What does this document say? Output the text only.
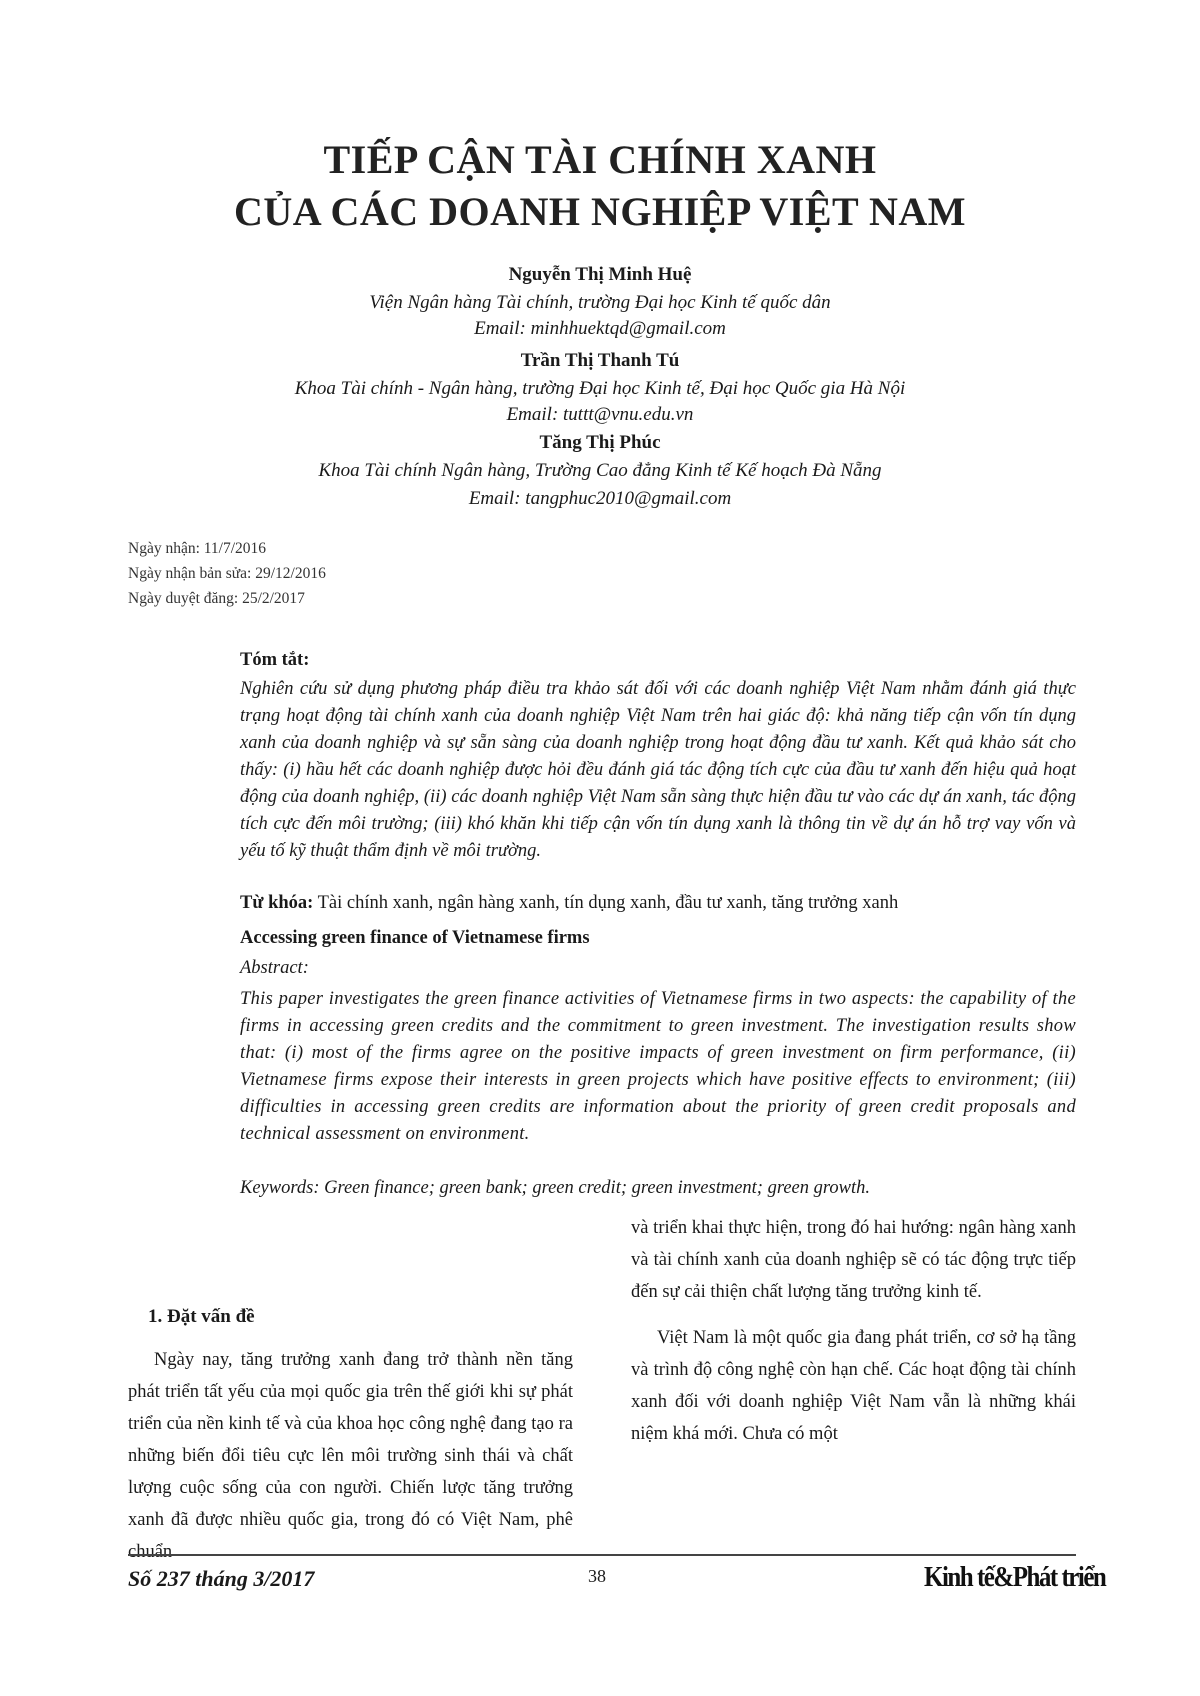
TIẾP CẬN TÀI CHÍNH XANH
CỦA CÁC DOANH NGHIỆP VIỆT NAM
Nguyễn Thị Minh Huệ
Viện Ngân hàng Tài chính, trường Đại học Kinh tế quốc dân
Email: minhhuektqd@gmail.com
Trần Thị Thanh Tú
Khoa Tài chính - Ngân hàng, trường Đại học Kinh tế, Đại học Quốc gia Hà Nội
Email: tuttt@vnu.edu.vn
Tăng Thị Phúc
Khoa Tài chính Ngân hàng, Trường Cao đẳng Kinh tế Kế hoạch Đà Nẵng
Email: tangphuc2010@gmail.com
Ngày nhận: 11/7/2016
Ngày nhận bản sửa: 29/12/2016
Ngày duyệt đăng: 25/2/2017
Tóm tắt:
Nghiên cứu sử dụng phương pháp điều tra khảo sát đối với các doanh nghiệp Việt Nam nhằm đánh giá thực trạng hoạt động tài chính xanh của doanh nghiệp Việt Nam trên hai giác độ: khả năng tiếp cận vốn tín dụng xanh của doanh nghiệp và sự sẵn sàng của doanh nghiệp trong hoạt động đầu tư xanh. Kết quả khảo sát cho thấy: (i) hầu hết các doanh nghiệp được hỏi đều đánh giá tác động tích cực của đầu tư xanh đến hiệu quả hoạt động của doanh nghiệp, (ii) các doanh nghiệp Việt Nam sẵn sàng thực hiện đầu tư vào các dự án xanh, tác động tích cực đến môi trường; (iii) khó khăn khi tiếp cận vốn tín dụng xanh là thông tin về dự án hỗ trợ vay vốn và yếu tố kỹ thuật thẩm định về môi trường.
Từ khóa: Tài chính xanh, ngân hàng xanh, tín dụng xanh, đầu tư xanh, tăng trưởng xanh
Accessing green finance of Vietnamese firms
Abstract:
This paper investigates the green finance activities of Vietnamese firms in two aspects: the capability of the firms in accessing green credits and the commitment to green investment. The investigation results show that: (i) most of the firms agree on the positive impacts of green investment on firm performance, (ii) Vietnamese firms expose their interests in green projects which have positive effects to environment; (iii) difficulties in accessing green credits are information about the priority of green credit proposals and technical assessment on environment.
Keywords: Green finance; green bank; green credit; green investment; green growth.
1. Đặt vấn đề

Ngày nay, tăng trưởng xanh đang trở thành nền tăng phát triển tất yếu của mọi quốc gia trên thế giới khi sự phát triển của nền kinh tế và của khoa học công nghệ đang tạo ra những biến đổi tiêu cực lên môi trường sinh thái và chất lượng cuộc sống của con người. Chiến lược tăng trưởng xanh đã được nhiều quốc gia, trong đó có Việt Nam, phê chuẩn

và triển khai thực hiện, trong đó hai hướng: ngân hàng xanh và tài chính xanh của doanh nghiệp sẽ có tác động trực tiếp đến sự cải thiện chất lượng tăng trưởng kinh tế.

Việt Nam là một quốc gia đang phát triển, cơ sở hạ tầng và trình độ công nghệ còn hạn chế. Các hoạt động tài chính xanh đối với doanh nghiệp Việt Nam vẫn là những khái niệm khá mới. Chưa có một

Số 237 tháng 3/2017	38	Kinh tế&Phát triển
